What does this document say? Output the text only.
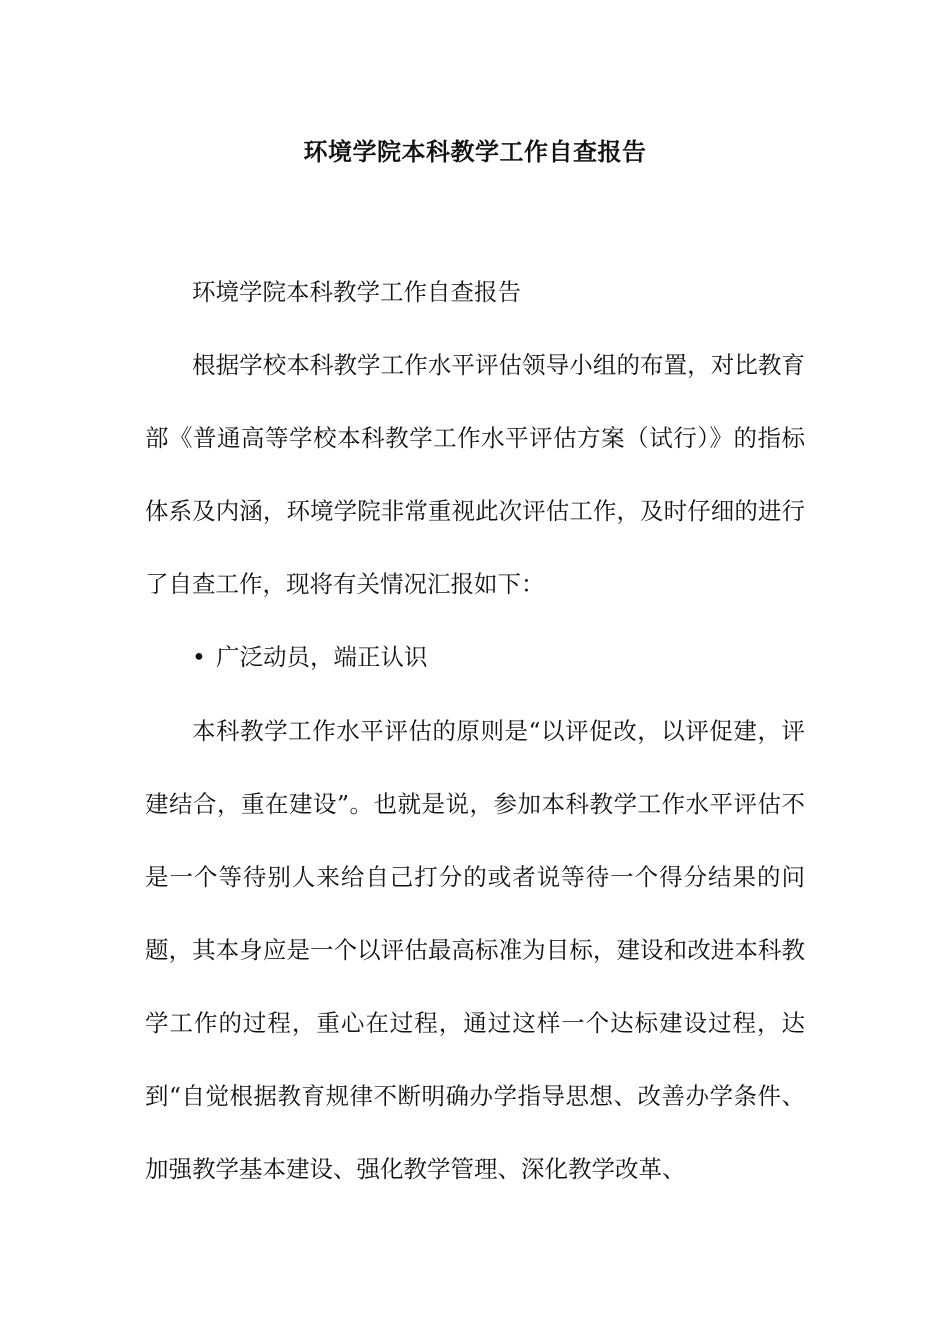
环境学院本科教学工作自查报告

环境学院本科教学工作自查报告

根据学校本科教学工作水平评估领导小组的布置，对比教育部《普通高等学校本科教学工作水平评估方案（试行）》的指标体系及内涵，环境学院非常重视此次评估工作，及时仔细的进行了自查工作，现将有关情况汇报如下：

• 广泛动员，端正认识

本科教学工作水平评估的原则是“以评促改，以评促建，评建结合，重在建设”。也就是说，参加本科教学工作水平评估不是一个等待别人来给自己打分的或者说等待一个得分结果的问题，其本身应是一个以评估最高标准为目标，建设和改进本科教学工作的过程，重心在过程，通过这样一个达标建设过程，达到“自觉根据教育规律不断明确办学指导思想、改善办学条件、加强教学基本建设、强化教学管理、深化教学改革、
